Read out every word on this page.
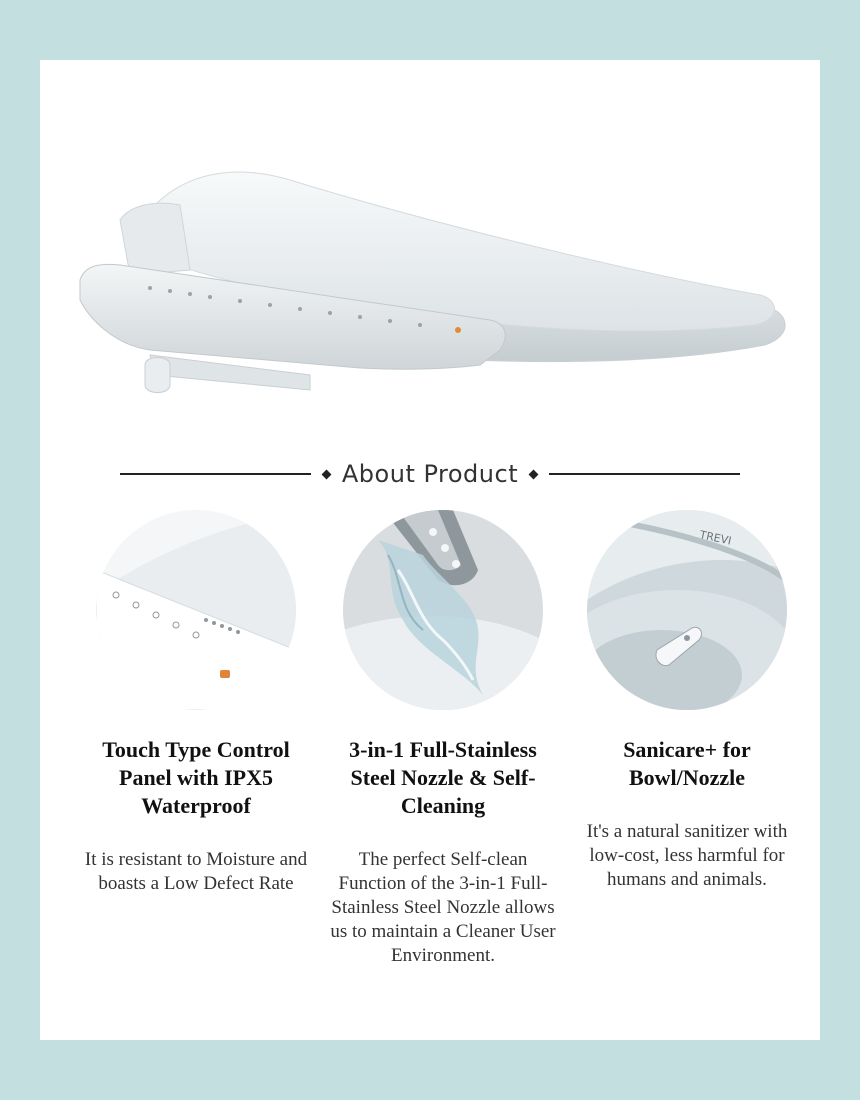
About Product
Touch Type Control Panel with IPX5 Waterproof

It is resistant to Moisture and boasts a Low Defect Rate

3-in-1 Full-Stainless Steel Nozzle & Self-Cleaning

The perfect Self-clean Function of the 3-in-1 Full-Stainless Steel Nozzle allows us to maintain a Cleaner User Environment.

TREVI
Sanicare+ for Bowl/Nozzle

It's a natural sanitizer with low-cost, less harmful for humans and animals.
